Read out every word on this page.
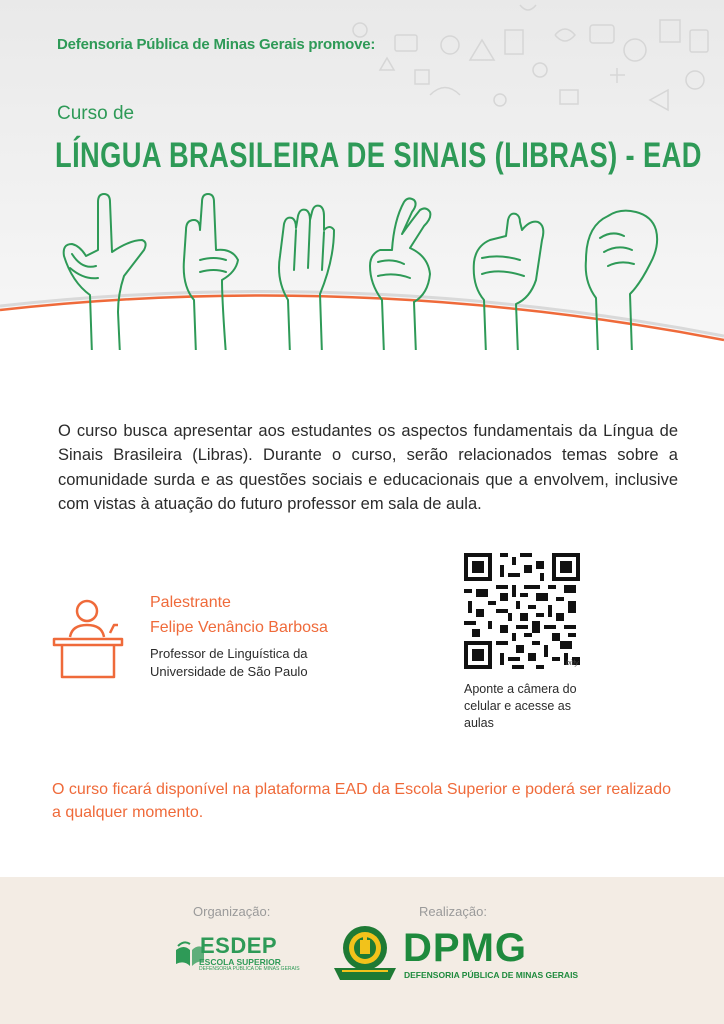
Defensoria Pública de Minas Gerais promove:
Curso de
LÍNGUA BRASILEIRA DE SINAIS (LIBRAS) - EAD

O curso busca apresentar aos estudantes os aspectos fundamentais da Língua de Sinais Brasileira (Libras). Durante o curso, serão relacionados temas sobre a comunidade surda e as questões sociais e educacionais que a envolvem, inclusive com vistas à atuação do futuro professor em sala de aula.

Palestrante
Felipe Venâncio Barbosa
Professor de Linguística da
Universidade de São Paulo
bitly
Aponte a câmera do
celular e acesse as aulas

O curso ficará disponível na plataforma EAD da Escola Superior e poderá ser realizado a qualquer momento.

Organização:	Realização:
ESDEP
ESCOLA SUPERIOR
DEFENSORIA PÚBLICA DE MINAS GERAIS	DPMG
DEFENSORIA PÚBLICA DE MINAS GERAIS
